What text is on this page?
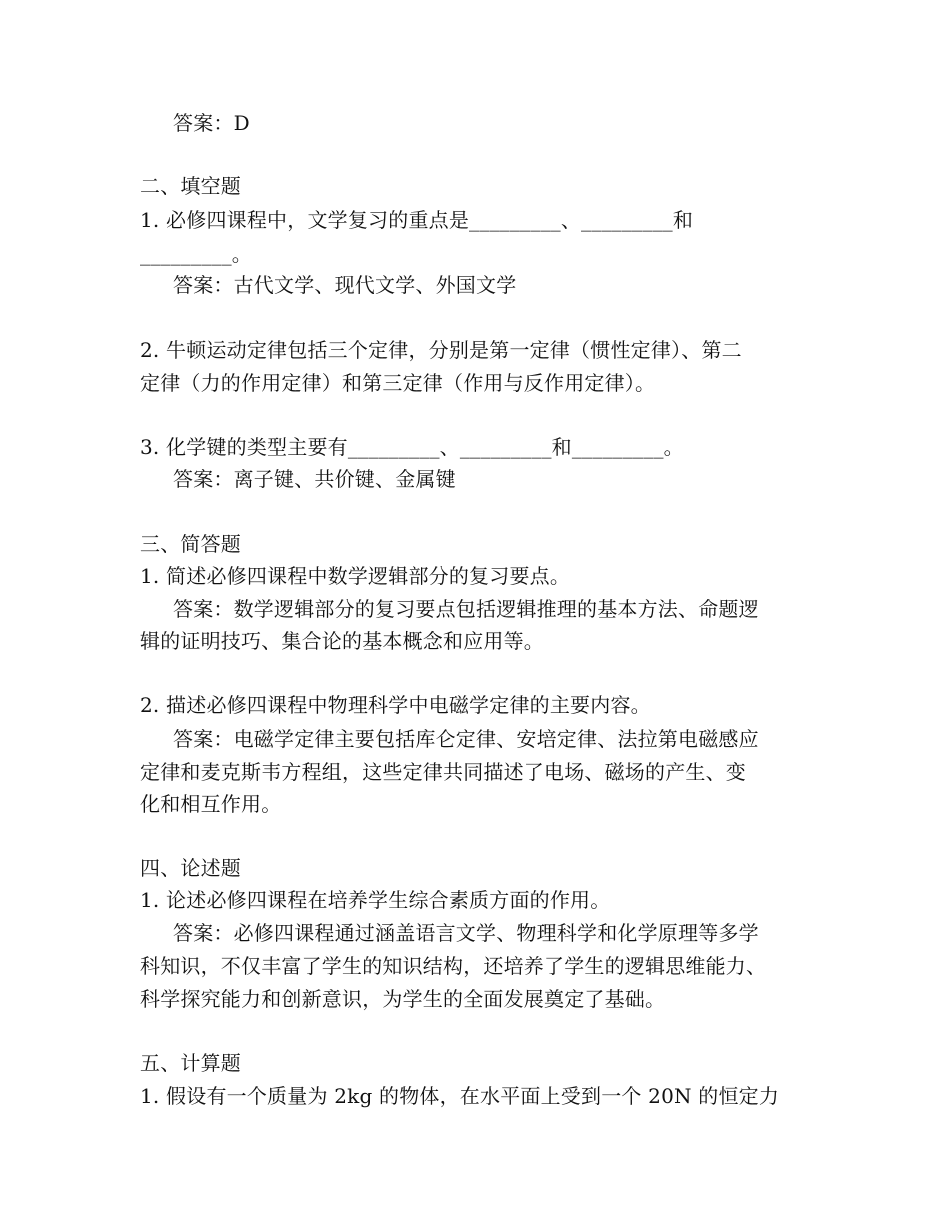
答案：D
二、填空题
1. 必修四课程中，文学复习的重点是_________、_________和
_________。
答案：古代文学、现代文学、外国文学
2. 牛顿运动定律包括三个定律，分别是第一定律（惯性定律）、第二
定律（力的作用定律）和第三定律（作用与反作用定律）。
3. 化学键的类型主要有_________、_________和_________。
答案：离子键、共价键、金属键
三、简答题
1. 简述必修四课程中数学逻辑部分的复习要点。
答案：数学逻辑部分的复习要点包括逻辑推理的基本方法、命题逻
辑的证明技巧、集合论的基本概念和应用等。
2. 描述必修四课程中物理科学中电磁学定律的主要内容。
答案：电磁学定律主要包括库仑定律、安培定律、法拉第电磁感应
定律和麦克斯韦方程组，这些定律共同描述了电场、磁场的产生、变
化和相互作用。
四、论述题
1. 论述必修四课程在培养学生综合素质方面的作用。
答案：必修四课程通过涵盖语言文学、物理科学和化学原理等多学
科知识，不仅丰富了学生的知识结构，还培养了学生的逻辑思维能力、
科学探究能力和创新意识，为学生的全面发展奠定了基础。
五、计算题
1. 假设有一个质量为 2kg 的物体，在水平面上受到一个 20N 的恒定力
